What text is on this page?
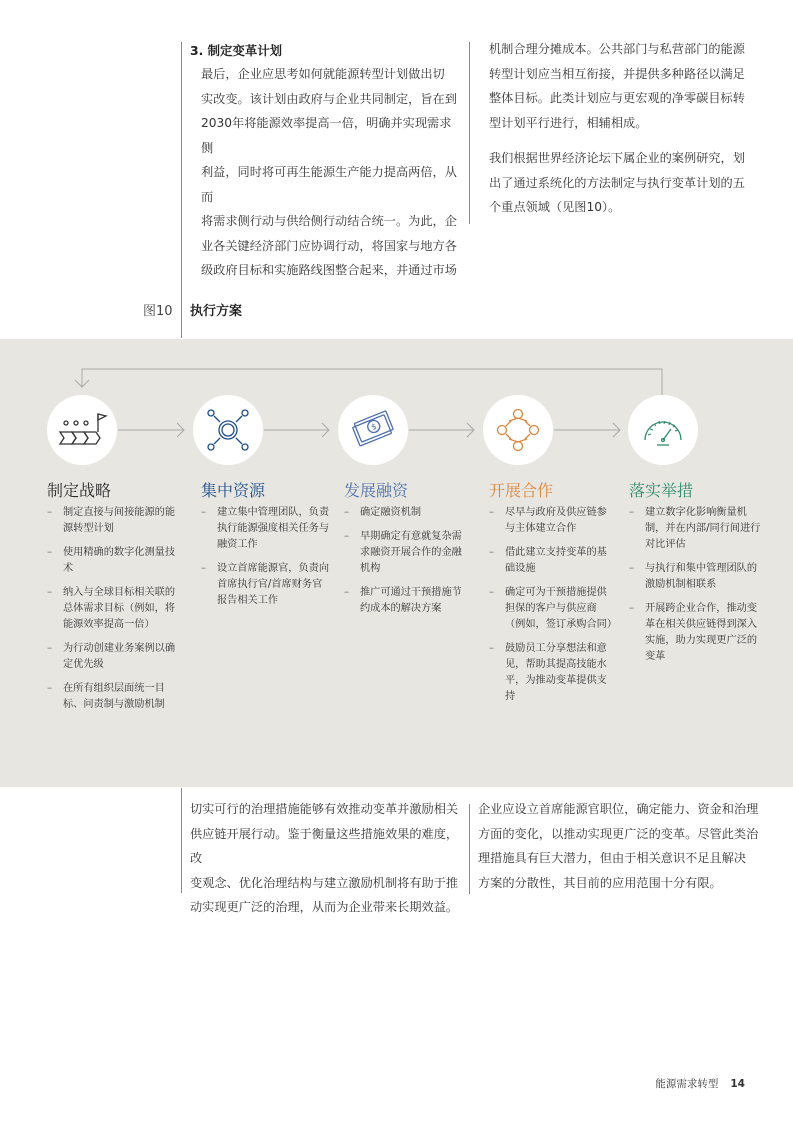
3. 制定变革计划
最后，企业应思考如何就能源转型计划做出切
实改变。该计划由政府与企业共同制定，旨在到
2030年将能源效率提高一倍，明确并实现需求侧
利益，同时将可再生能源生产能力提高两倍，从而
将需求侧行动与供给侧行动结合统一。为此，企
业各关键经济部门应协调行动，将国家与地方各
级政府目标和实施路线图整合起来，并通过市场
机制合理分摊成本。公共部门与私营部门的能源
转型计划应当相互衔接，并提供多种路径以满足
整体目标。此类计划应与更宏观的净零碳目标转
型计划平行进行，相辅相成。
我们根据世界经济论坛下属企业的案例研究，划
出了通过系统化的方法制定与执行变革计划的五
个重点领域（见图10）。
图10 执行方案
$
制定战略	集中资源	发展融资	开展合作	落实举措
– 制定直接与间接能源的能源转型计划
– 使用精确的数字化测量技术
– 纳入与全球目标相关联的总体需求目标（例如，将能源效率提高一倍）
– 为行动创建业务案例以确定优先级
– 在所有组织层面统一目标、问责制与激励机制
– 建立集中管理团队，负责执行能源强度相关任务与融资工作
– 设立首席能源官，负责向首席执行官/首席财务官报告相关工作
– 确定融资机制
– 早期确定有意就复杂需求融资开展合作的金融机构
– 推广可通过干预措施节约成本的解决方案
– 尽早与政府及供应链参与主体建立合作
– 借此建立支持变革的基础设施
– 确定可为干预措施提供担保的客户与供应商（例如，签订承购合同）
– 鼓励员工分享想法和意见，帮助其提高技能水平，为推动变革提供支持
– 建立数字化影响衡量机制，并在内部/同行间进行对比评估
– 与执行和集中管理团队的激励机制相联系
– 开展跨企业合作，推动变革在相关供应链得到深入实施，助力实现更广泛的变革
切实可行的治理措施能够有效推动变革并激励相关
供应链开展行动。鉴于衡量这些措施效果的难度，改
变观念、优化治理结构与建立激励机制将有助于推
动实现更广泛的治理，从而为企业带来长期效益。
企业应设立首席能源官职位，确定能力、资金和治理
方面的变化，以推动实现更广泛的变革。尽管此类治
理措施具有巨大潜力，但由于相关意识不足且解决
方案的分散性，其目前的应用范围十分有限。
能源需求转型 14
